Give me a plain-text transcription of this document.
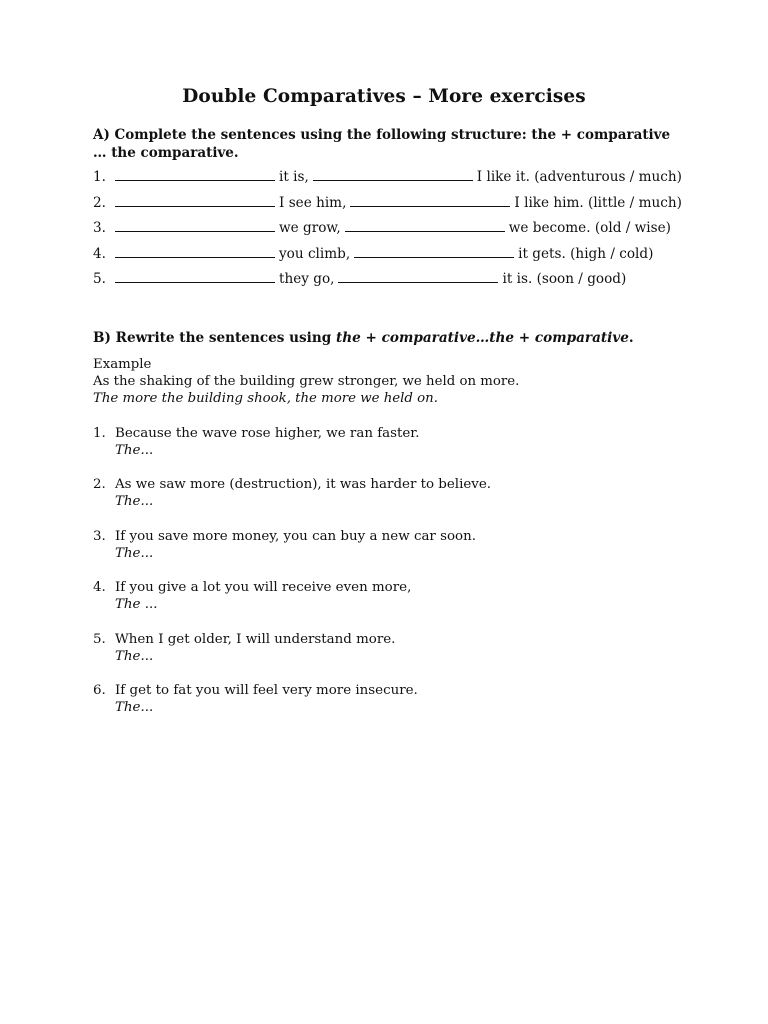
Double Comparatives – More exercises
A) Complete the sentences using the following structure: the + comparative … the comparative.
1.	it is,	I like it. (adventurous / much)
2.	I see him,	I like him. (little / much)
3.	we grow,	we become. (old / wise)
4.	you climb,	it gets. (high / cold)
5.	they go,	it is. (soon / good)
B) Rewrite the sentences using the + comparative…the + comparative.
Example
As the shaking of the building grew stronger, we held on more.
The more the building shook, the more we held on.
1. Because the wave rose higher, we ran faster.
The...
2. As we saw more (destruction), it was harder to believe.
The...
3. If you save more money, you can buy a new car soon.
The...
4. If you give a lot you will receive even more,
The ...
5. When I get older, I will understand more.
The...
6. If get to fat you will feel very more insecure.
The...
